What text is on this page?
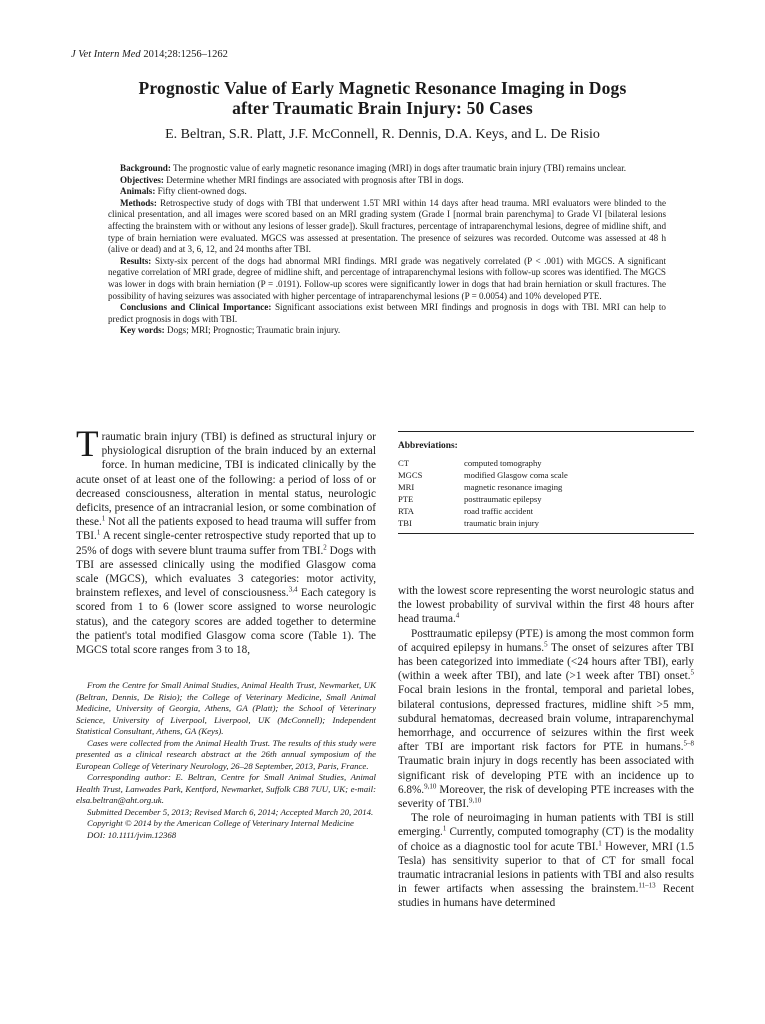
J Vet Intern Med 2014;28:1256–1262
Prognostic Value of Early Magnetic Resonance Imaging in Dogs
after Traumatic Brain Injury: 50 Cases
E. Beltran, S.R. Platt, J.F. McConnell, R. Dennis, D.A. Keys, and L. De Risio

Background: The prognostic value of early magnetic resonance imaging (MRI) in dogs after traumatic brain injury (TBI) remains unclear.

Objectives: Determine whether MRI findings are associated with prognosis after TBI in dogs.

Animals: Fifty client-owned dogs.

Methods: Retrospective study of dogs with TBI that underwent 1.5T MRI within 14 days after head trauma. MRI evaluators were blinded to the clinical presentation, and all images were scored based on an MRI grading system (Grade I [normal brain parenchyma] to Grade VI [bilateral lesions affecting the brainstem with or without any lesions of lesser grade]). Skull fractures, percentage of intraparenchymal lesions, degree of midline shift, and type of brain herniation were evaluated. MGCS was assessed at presentation. The presence of seizures was recorded. Outcome was assessed at 48 h (alive or dead) and at 3, 6, 12, and 24 months after TBI.

Results: Sixty-six percent of the dogs had abnormal MRI findings. MRI grade was negatively correlated (P < .001) with MGCS. A significant negative correlation of MRI grade, degree of midline shift, and percentage of intraparenchymal lesions with follow-up scores was identified. The MGCS was lower in dogs with brain herniation (P = .0191). Follow-up scores were significantly lower in dogs that had brain herniation or skull fractures. The possibility of having seizures was associated with higher percentage of intraparenchymal lesions (P = 0.0054) and 10% developed PTE.

Conclusions and Clinical Importance: Significant associations exist between MRI findings and prognosis in dogs with TBI. MRI can help to predict prognosis in dogs with TBI.

Key words: Dogs; MRI; Prognostic; Traumatic brain injury.

Traumatic brain injury (TBI) is defined as structural injury or physiological disruption of the brain induced by an external force. In human medicine, TBI is indicated clinically by the acute onset of at least one of the following: a period of loss of or decreased consciousness, alteration in mental status, neurologic deficits, presence of an intracranial lesion, or some combination of these.$^1$ Not all the patients exposed to head trauma will suffer from TBI.$^1$ A recent single-center retrospective study reported that up to 25% of dogs with severe blunt trauma suffer from TBI.$^2$ Dogs with TBI are assessed clinically using the modified Glasgow coma scale (MGCS), which evaluates 3 categories: motor activity, brainstem reflexes, and level of consciousness.$^{3,4}$ Each category is scored from 1 to 6 (lower score assigned to worse neurologic status), and the category scores are added together to determine the patient's total modified Glasgow coma score (Table 1). The MGCS total score ranges from 3 to 18,

Abbreviations:
CT	computed tomography
MGCS	modified Glasgow coma scale
MRI	magnetic resonance imaging
PTE	posttraumatic epilepsy
RTA	road traffic accident
TBI	traumatic brain injury

with the lowest score representing the worst neurologic status and the lowest probability of survival within the first 48 hours after head trauma.$^4$

Posttraumatic epilepsy (PTE) is among the most common form of acquired epilepsy in humans.$^5$ The onset of seizures after TBI has been categorized into immediate (<24 hours after TBI), early (within a week after TBI), and late (>1 week after TBI) onset.$^5$ Focal brain lesions in the frontal, temporal and parietal lobes, bilateral contusions, depressed fractures, midline shift >5 mm, subdural hematomas, decreased brain volume, intraparenchymal hemorrhage, and occurrence of seizures within the first week after TBI are important risk factors for PTE in humans.$^{5-8}$ Traumatic brain injury in dogs recently has been associated with significant risk of developing PTE with an incidence up to 6.8%.$^{9,10}$ Moreover, the risk of developing PTE increases with the severity of TBI.$^{9,10}$

The role of neuroimaging in human patients with TBI is still emerging.$^1$ Currently, computed tomography (CT) is the modality of choice as a diagnostic tool for acute TBI.$^1$ However, MRI (1.5 Tesla) has sensitivity superior to that of CT for small focal traumatic intracranial lesions in patients with TBI and also results in fewer artifacts when assessing the brainstem.$^{11-13}$ Recent studies in humans have determined

From the Centre for Small Animal Studies, Animal Health Trust, Newmarket, UK (Beltran, Dennis, De Risio); the College of Veterinary Medicine, Small Animal Medicine, University of Georgia, Athens, GA (Platt); the School of Veterinary Science, University of Liverpool, Liverpool, UK (McConnell); Independent Statistical Consultant, Athens, GA (Keys).

Cases were collected from the Animal Health Trust. The results of this study were presented as a clinical research abstract at the 26th annual symposium of the European College of Veterinary Neurology, 26–28 September, 2013, Paris, France.

Corresponding author: E. Beltran, Centre for Small Animal Studies, Animal Health Trust, Lanwades Park, Kentford, Newmarket, Suffolk CB8 7UU, UK; e-mail: elsa.beltran@aht.org.uk.

Submitted December 5, 2013; Revised March 6, 2014; Accepted March 20, 2014.

Copyright © 2014 by the American College of Veterinary Internal Medicine

DOI: 10.1111/jvim.12368
